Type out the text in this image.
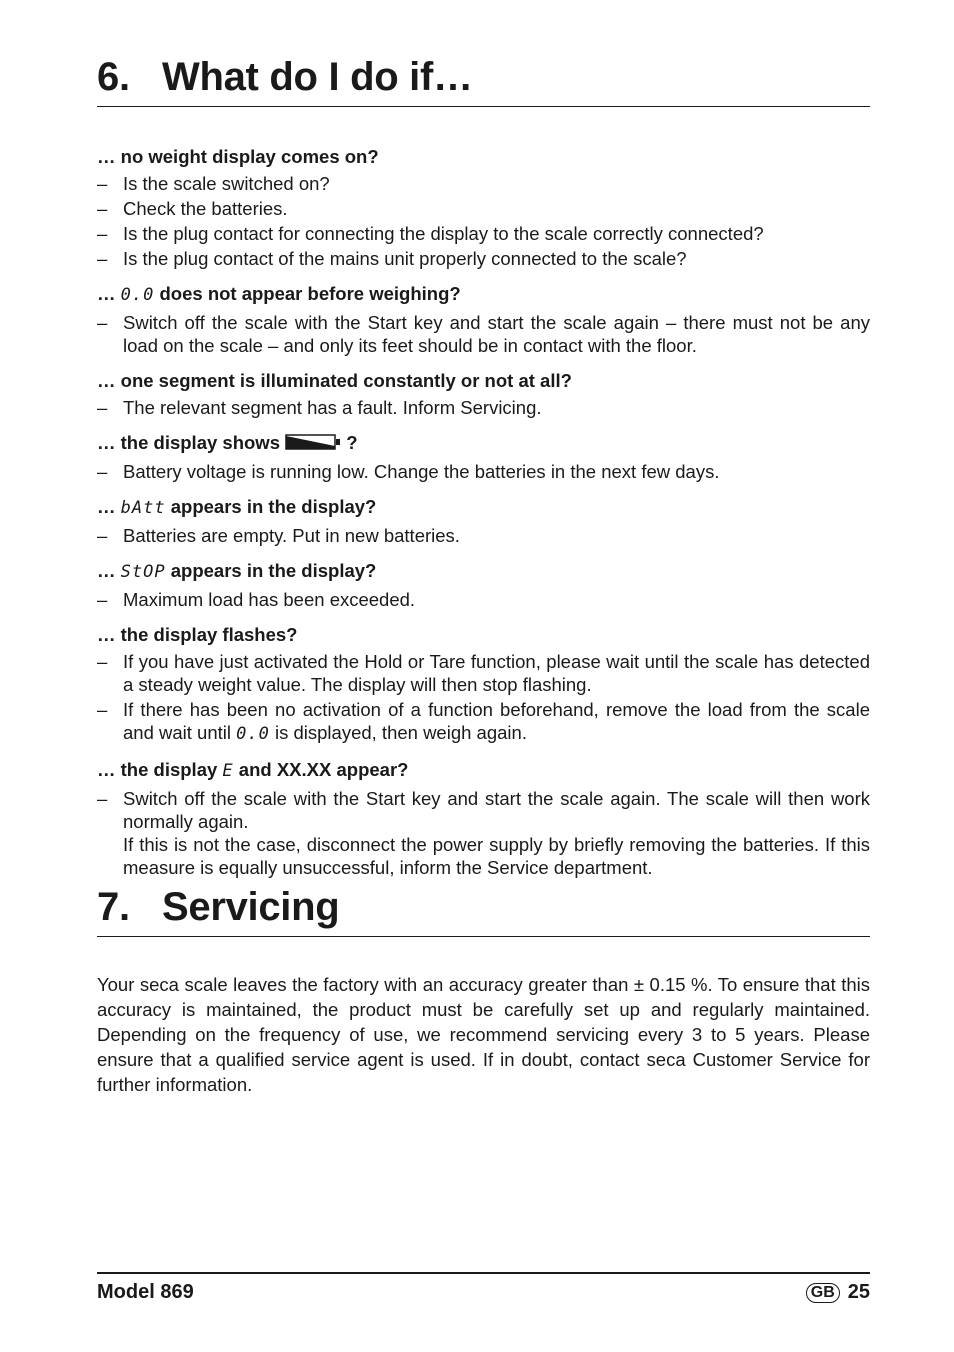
6. What do I do if…

… no weight display comes on?

– Is the scale switched on?
– Check the batteries.
– Is the plug contact for connecting the display to the scale correctly connected?
– Is the plug contact of the mains unit properly connected to the scale?

… 0.0 does not appear before weighing?

– Switch off the scale with the Start key and start the scale again – there must not be any load on the scale – and only its feet should be in contact with the floor.

… one segment is illuminated constantly or not at all?

– The relevant segment has a fault. Inform Servicing.

… the display shows	?

– Battery voltage is running low. Change the batteries in the next few days.

… bAtt appears in the display?

– Batteries are empty. Put in new batteries.

… StOP appears in the display?

– Maximum load has been exceeded.

… the display flashes?

– If you have just activated the Hold or Tare function, please wait until the scale has detected a steady weight value. The display will then stop flashing.
– If there has been no activation of a function beforehand, remove the load from the scale and wait until 0.0 is displayed, then weigh again.

… the display E and XX.XX appear?

– Switch off the scale with the Start key and start the scale again. The scale will then work normally again.
If this is not the case, disconnect the power supply by briefly removing the batteries. If this measure is equally unsuccessful, inform the Service department.
7. Servicing

Your seca scale leaves the factory with an accuracy greater than ± 0.15 %. To ensure that this accuracy is maintained, the product must be carefully set up and regularly maintained. Depending on the frequency of use, we recommend servicing every 3 to 5 years. Please ensure that a qualified service agent is used. If in doubt, contact seca Customer Service for further information.

Model 869	GB 25
